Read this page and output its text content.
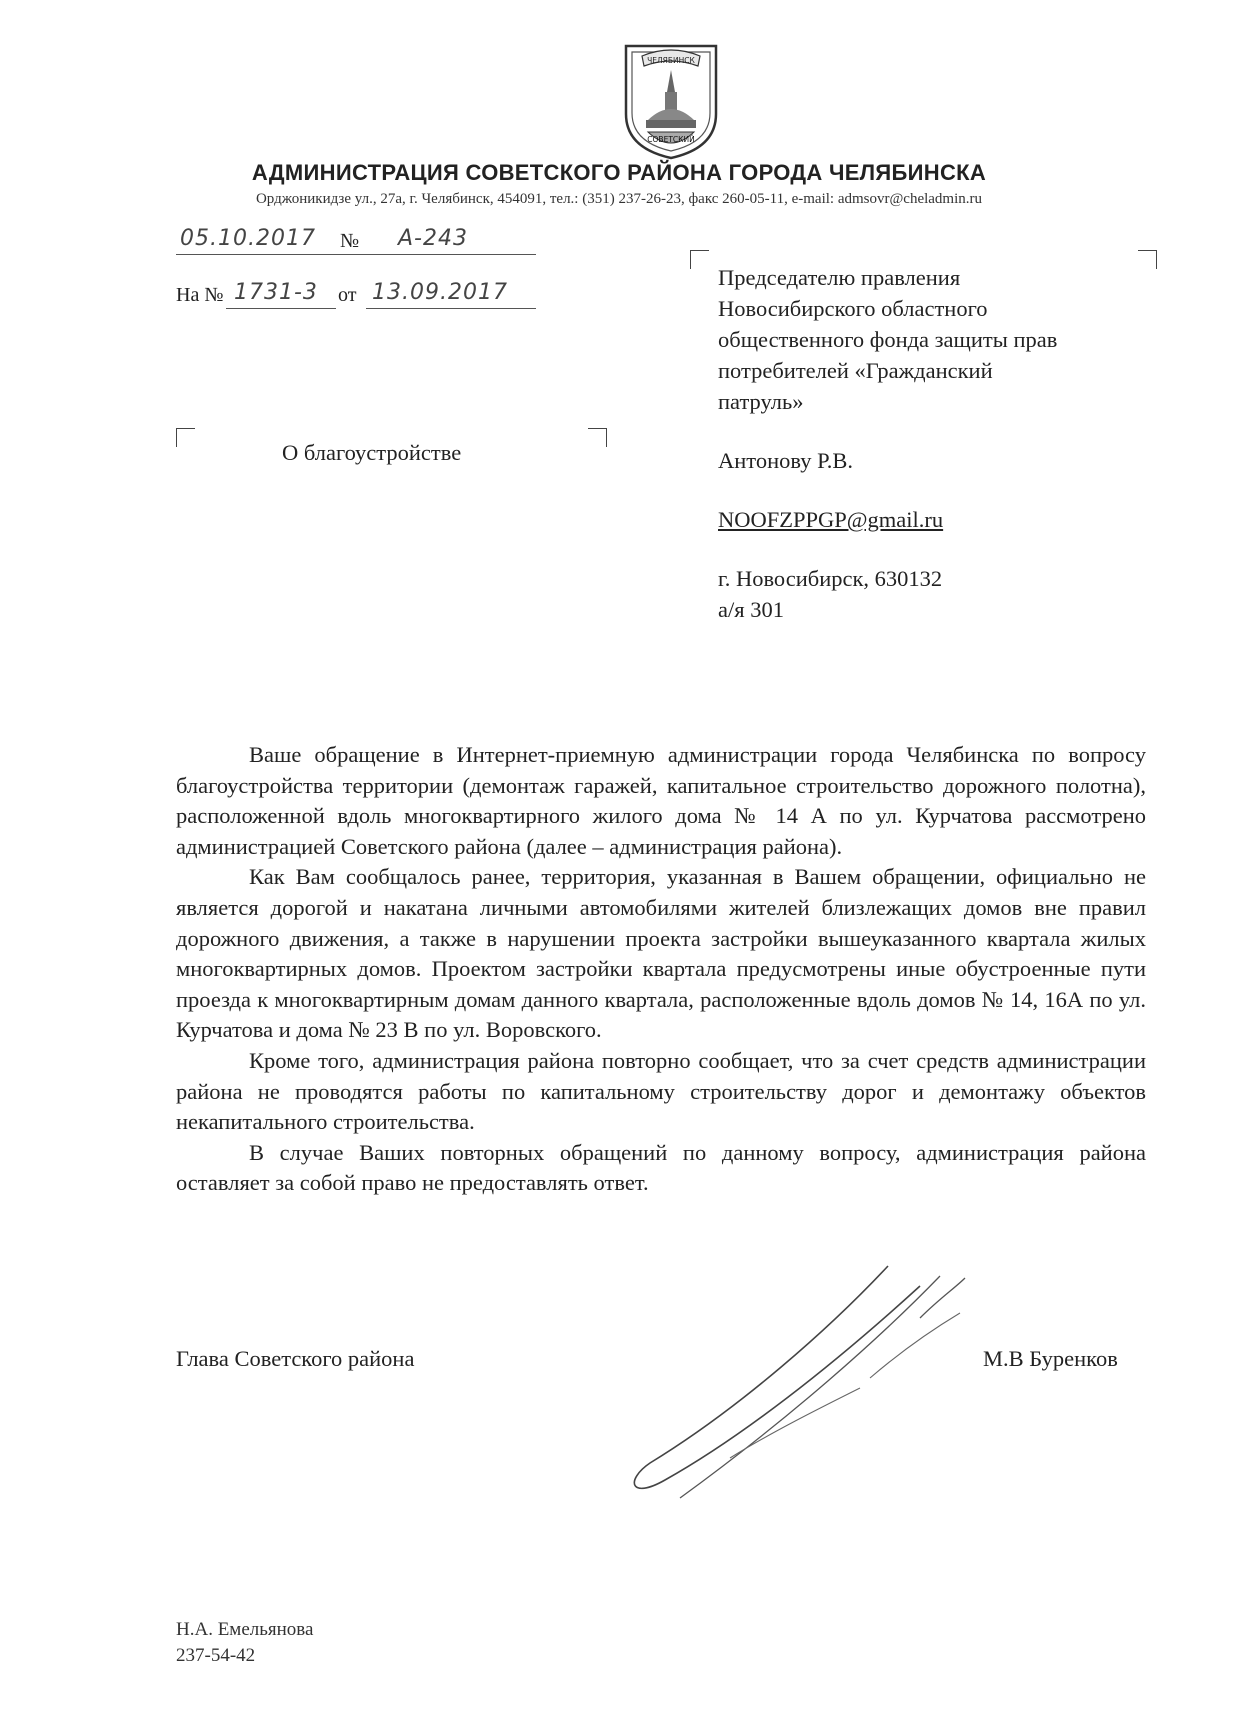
ЧЕЛЯБИНСК
СОВЕТСКИЙ
АДМИНИСТРАЦИЯ СОВЕТСКОГО РАЙОНА ГОРОДА ЧЕЛЯБИНСКА
Орджоникидзе ул., 27а, г. Челябинск, 454091, тел.: (351) 237-26-23, факс 260-05-11, e-mail: admsovr@cheladmin.ru
05.10.2017 № А-243
На № 1731-3 от 13.09.2017

Председателю правления

Новосибирского областного

общественного фонда защиты прав

потребителей «Гражданский

патруль»

Антонову Р.В.

NOOFZPPGP@gmail.ru

г. Новосибирск, 630132

а/я 301

О благоустройстве

Ваше обращение в Интернет-приемную администрации города Челябинска по вопросу благоустройства территории (демонтаж гаражей, капитальное строительство дорожного полотна), расположенной вдоль многоквартирного жилого дома № 14 А по ул. Курчатова рассмотрено администрацией Советского района (далее – администрация района).

Как Вам сообщалось ранее, территория, указанная в Вашем обращении, официально не является дорогой и накатана личными автомобилями жителей близлежащих домов вне правил дорожного движения, а также в нарушении проекта застройки вышеуказанного квартала жилых многоквартирных домов. Проектом застройки квартала предусмотрены иные обустроенные пути проезда к многоквартирным домам данного квартала, расположенные вдоль домов № 14, 16А по ул. Курчатова и дома № 23 В по ул. Воровского.

Кроме того, администрация района повторно сообщает, что за счет средств администрации района не проводятся работы по капитальному строительству дорог и демонтажу объектов некапитального строительства.

В случае Ваших повторных обращений по данному вопросу, администрация района оставляет за собой право не предоставлять ответ.

Глава Советского района	М.В Буренков

Н.А. Емельянова

237-54-42
